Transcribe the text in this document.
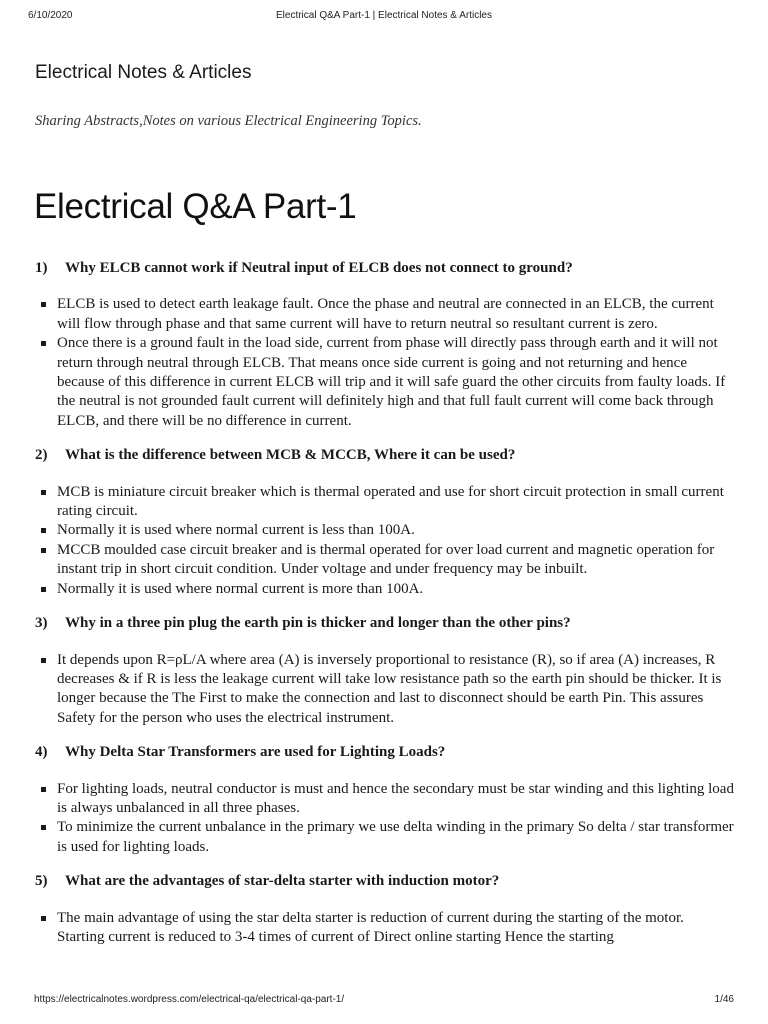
6/10/2020	Electrical Q&A Part-1 | Electrical Notes & Articles
Electrical Notes & Articles

Sharing Abstracts,Notes on various Electrical Engineering Topics.

Electrical Q&A Part-1
1)	Why ELCB cannot work if Neutral input of ELCB does not connect to ground?
ELCB is used to detect earth leakage fault. Once the phase and neutral are connected in an ELCB, the current will flow through phase and that same current will have to return neutral so resultant current is zero.
Once there is a ground fault in the load side, current from phase will directly pass through earth and it will not return through neutral through ELCB. That means once side current is going and not returning and hence because of this difference in current ELCB will trip and it will safe guard the other circuits from faulty loads. If the neutral is not grounded fault current will definitely high and that full fault current will come back through ELCB, and there will be no difference in current.
2)	What is the difference between MCB & MCCB, Where it can be used?
MCB is miniature circuit breaker which is thermal operated and use for short circuit protection in small current rating circuit.
Normally it is used where normal current is less than 100A.
MCCB moulded case circuit breaker and is thermal operated for over load current and magnetic operation for instant trip in short circuit condition. Under voltage and under frequency may be inbuilt.
Normally it is used where normal current is more than 100A.
3)	Why in a three pin plug the earth pin is thicker and longer than the other pins?
It depends upon R=ρL/A where area (A) is inversely proportional to resistance (R), so if area (A) increases, R decreases & if R is less the leakage current will take low resistance path so the earth pin should be thicker. It is longer because the The First to make the connection and last to disconnect should be earth Pin. This assures Safety for the person who uses the electrical instrument.
4)	Why Delta Star Transformers are used for Lighting Loads?
For lighting loads, neutral conductor is must and hence the secondary must be star winding and this lighting load is always unbalanced in all three phases.
To minimize the current unbalance in the primary we use delta winding in the primary So delta / star transformer is used for lighting loads.
5)	What are the advantages of star-delta starter with induction motor?
The main advantage of using the star delta starter is reduction of current during the starting of the motor. Starting current is reduced to 3-4 times of current of Direct online starting Hence the starting
https://electricalnotes.wordpress.com/electrical-qa/electrical-qa-part-1/	1/46
